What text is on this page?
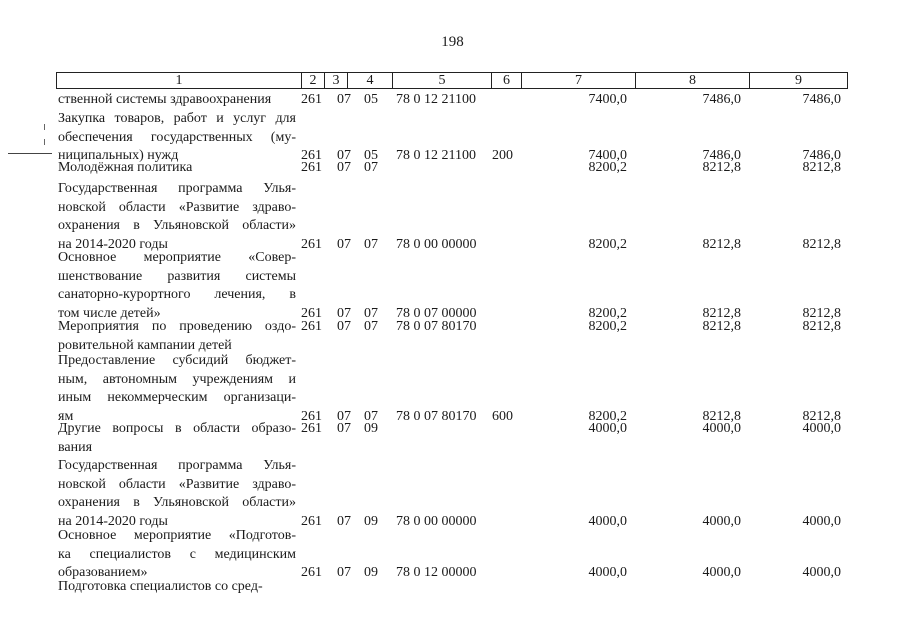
198
1	2	3	4	5	6	7	8	9
ственной системы здравоохранения	261 07 05 78 0 12 21100	7400,0	7486,0	7486,0
Закупка товаров, работ и услуг для
обеспечения государственных (му-
ниципальных) нужд	261 07 05 78 0 12 21100 200	7400,0	7486,0	7486,0
Молодёжная политика	261 07 07	8200,2	8212,8	8212,8
Государственная программа Улья-
новской области «Развитие здраво-
охранения в Ульяновской области»
на 2014-2020 годы	261 07 07 78 0 00 00000	8200,2	8212,8	8212,8
Основное мероприятие «Совер-
шенствование развития системы
санаторно-курортного лечения, в
том числе детей»	261 07 07 78 0 07 00000	8200,2	8212,8	8212,8
Мероприятия по проведению оздо-
ровительной кампании детей
261 07 07 78 0 07 80170	8200,2	8212,8	8212,8
Предоставление субсидий бюджет-
ным, автономным учреждениям и
иным некоммерческим организаци-
ям	261 07 07 78 0 07 80170 600	8200,2	8212,8	8212,8
Другие вопросы в области образо-
вания
261 07 09	4000,0	4000,0	4000,0
Государственная программа Улья-
новской области «Развитие здраво-
охранения в Ульяновской области»
на 2014-2020 годы	261 07 09 78 0 00 00000	4000,0	4000,0	4000,0
Основное мероприятие «Подготов-
ка специалистов с медицинским
образованием»	261 07 09 78 0 12 00000	4000,0	4000,0	4000,0
Подготовка специалистов со сред-
